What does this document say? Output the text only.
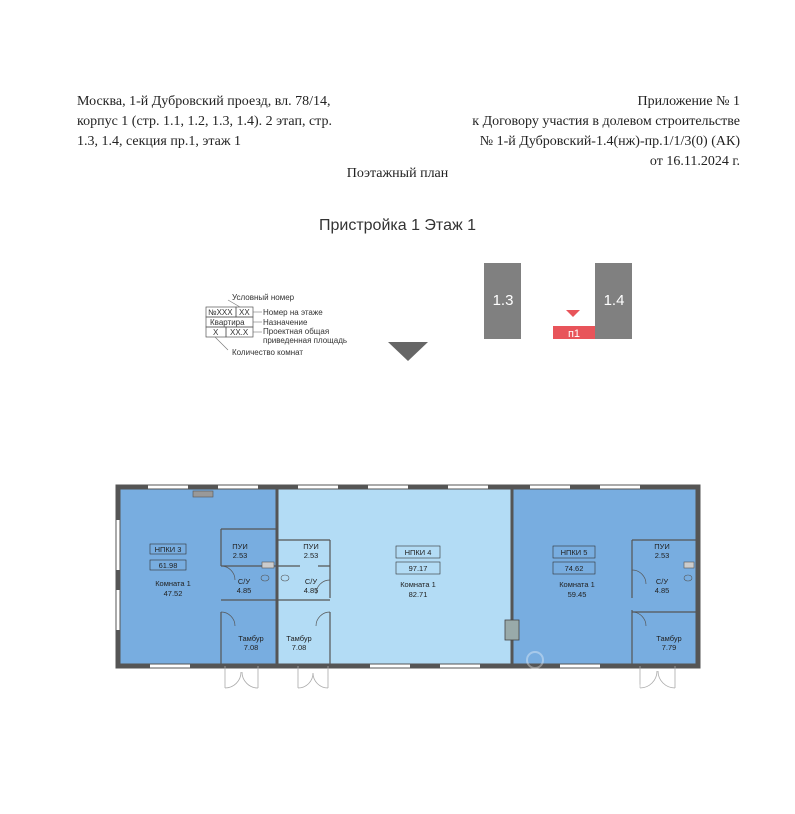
Москва, 1-й Дубровский проезд, вл. 78/14,
корпус 1 (стр. 1.1, 1.2, 1.3, 1.4). 2 этап, стр.
1.3, 1.4, секция пр.1, этаж 1
Приложение № 1
к Договору участия в долевом строительстве
№ 1-й Дубровский-1.4(нж)-пр.1/1/3(0) (АК)
от 16.11.2024 г.
Поэтажный план
Пристройка 1 Этаж 1
Условный номер
№XXX XX
Квартира
X XX.X
Номер на этаже
Назначение
Проектная общая
приведенная площадь
Количество комнат
1.3	1.4
п1
НПКИ 3
61.98
Комната 1
47.52
ПУИ
2.53
С/У
4.85
Тамбур
7.08
НПКИ 4
97.17
Комната 1
82.71
ПУИ
2.53
С/У
4.85
Тамбур
7.08
НПКИ 5
74.62
Комната 1
59.45
ПУИ
2.53
С/У
4.85
Тамбур
7.79
ЦИАН
